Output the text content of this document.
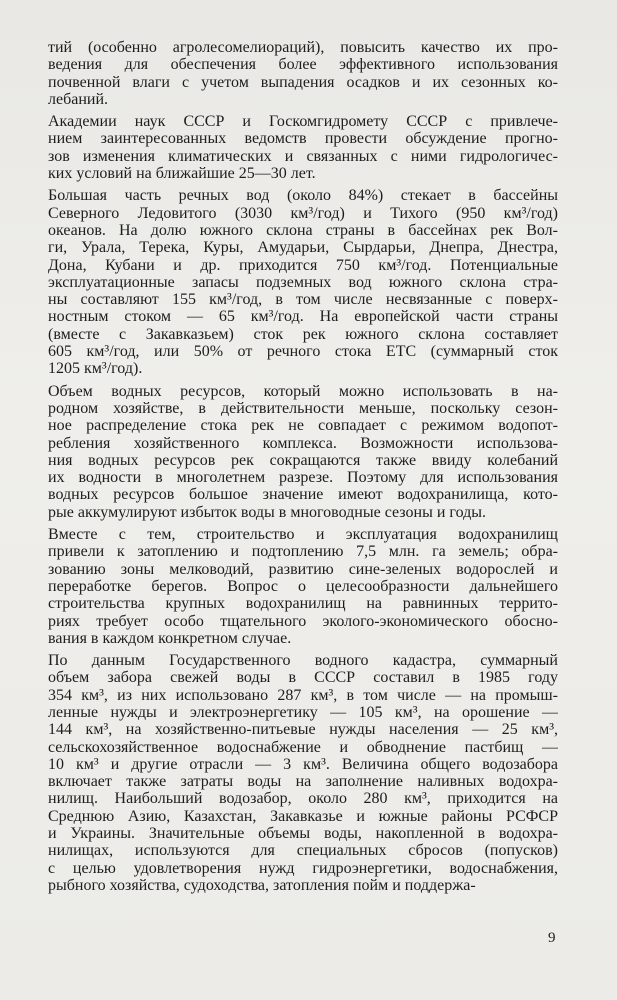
тий (особенно агролесомелиораций), повысить качество их про-
ведения для обеспечения более эффективного использования
почвенной влаги с учетом выпадения осадков и их сезонных ко-
лебаний.
Академии наук СССР и Госкомгидромету СССР с привлече-
нием заинтересованных ведомств провести обсуждение прогно-
зов изменения климатических и связанных с ними гидрологичес-
ких условий на ближайшие 25—30 лет.
Большая часть речных вод (около 84%) стекает в бассейны
Северного Ледовитого (3030 км³/год) и Тихого (950 км³/год)
океанов. На долю южного склона страны в бассейнах рек Вол-
ги, Урала, Терека, Куры, Амударьи, Сырдарьи, Днепра, Днестра,
Дона, Кубани и др. приходится 750 км³/год. Потенциальные
эксплуатационные запасы подземных вод южного склона стра-
ны составляют 155 км³/год, в том числе несвязанные с поверх-
ностным стоком — 65 км³/год. На европейской части страны
(вместе с Закавказьем) сток рек южного склона составляет
605 км³/год, или 50% от речного стока ЕТС (суммарный сток
1205 км³/год).
Объем водных ресурсов, который можно использовать в на-
родном хозяйстве, в действительности меньше, поскольку сезон-
ное распределение стока рек не совпадает с режимом водопот-
ребления хозяйственного комплекса. Возможности использова-
ния водных ресурсов рек сокращаются также ввиду колебаний
их водности в многолетнем разрезе. Поэтому для использования
водных ресурсов большое значение имеют водохранилища, кото-
рые аккумулируют избыток воды в многоводные сезоны и годы.
Вместе с тем, строительство и эксплуатация водохранилищ
привели к затоплению и подтоплению 7,5 млн. га земель; обра-
зованию зоны мелководий, развитию сине-зеленых водорослей и
переработке берегов. Вопрос о целесообразности дальнейшего
строительства крупных водохранилищ на равнинных террито-
риях требует особо тщательного эколого-экономического обосно-
вания в каждом конкретном случае.
По данным Государственного водного кадастра, суммарный
объем забора свежей воды в СССР составил в 1985 году
354 км³, из них использовано 287 км³, в том числе — на промыш-
ленные нужды и электроэнергетику — 105 км³, на орошение —
144 км³, на хозяйственно-питьевые нужды населения — 25 км³,
сельскохозяйственное водоснабжение и обводнение пастбищ —
10 км³ и другие отрасли — 3 км³. Величина общего водозабора
включает также затраты воды на заполнение наливных водохра-
нилищ. Наибольший водозабор, около 280 км³, приходится на
Среднюю Азию, Казахстан, Закавказье и южные районы РСФСР
и Украины. Значительные объемы воды, накопленной в водохра-
нилищах, используются для специальных сбросов (попусков)
с целью удовлетворения нужд гидроэнергетики, водоснабжения,
рыбного хозяйства, судоходства, затопления пойм и поддержа-
9
